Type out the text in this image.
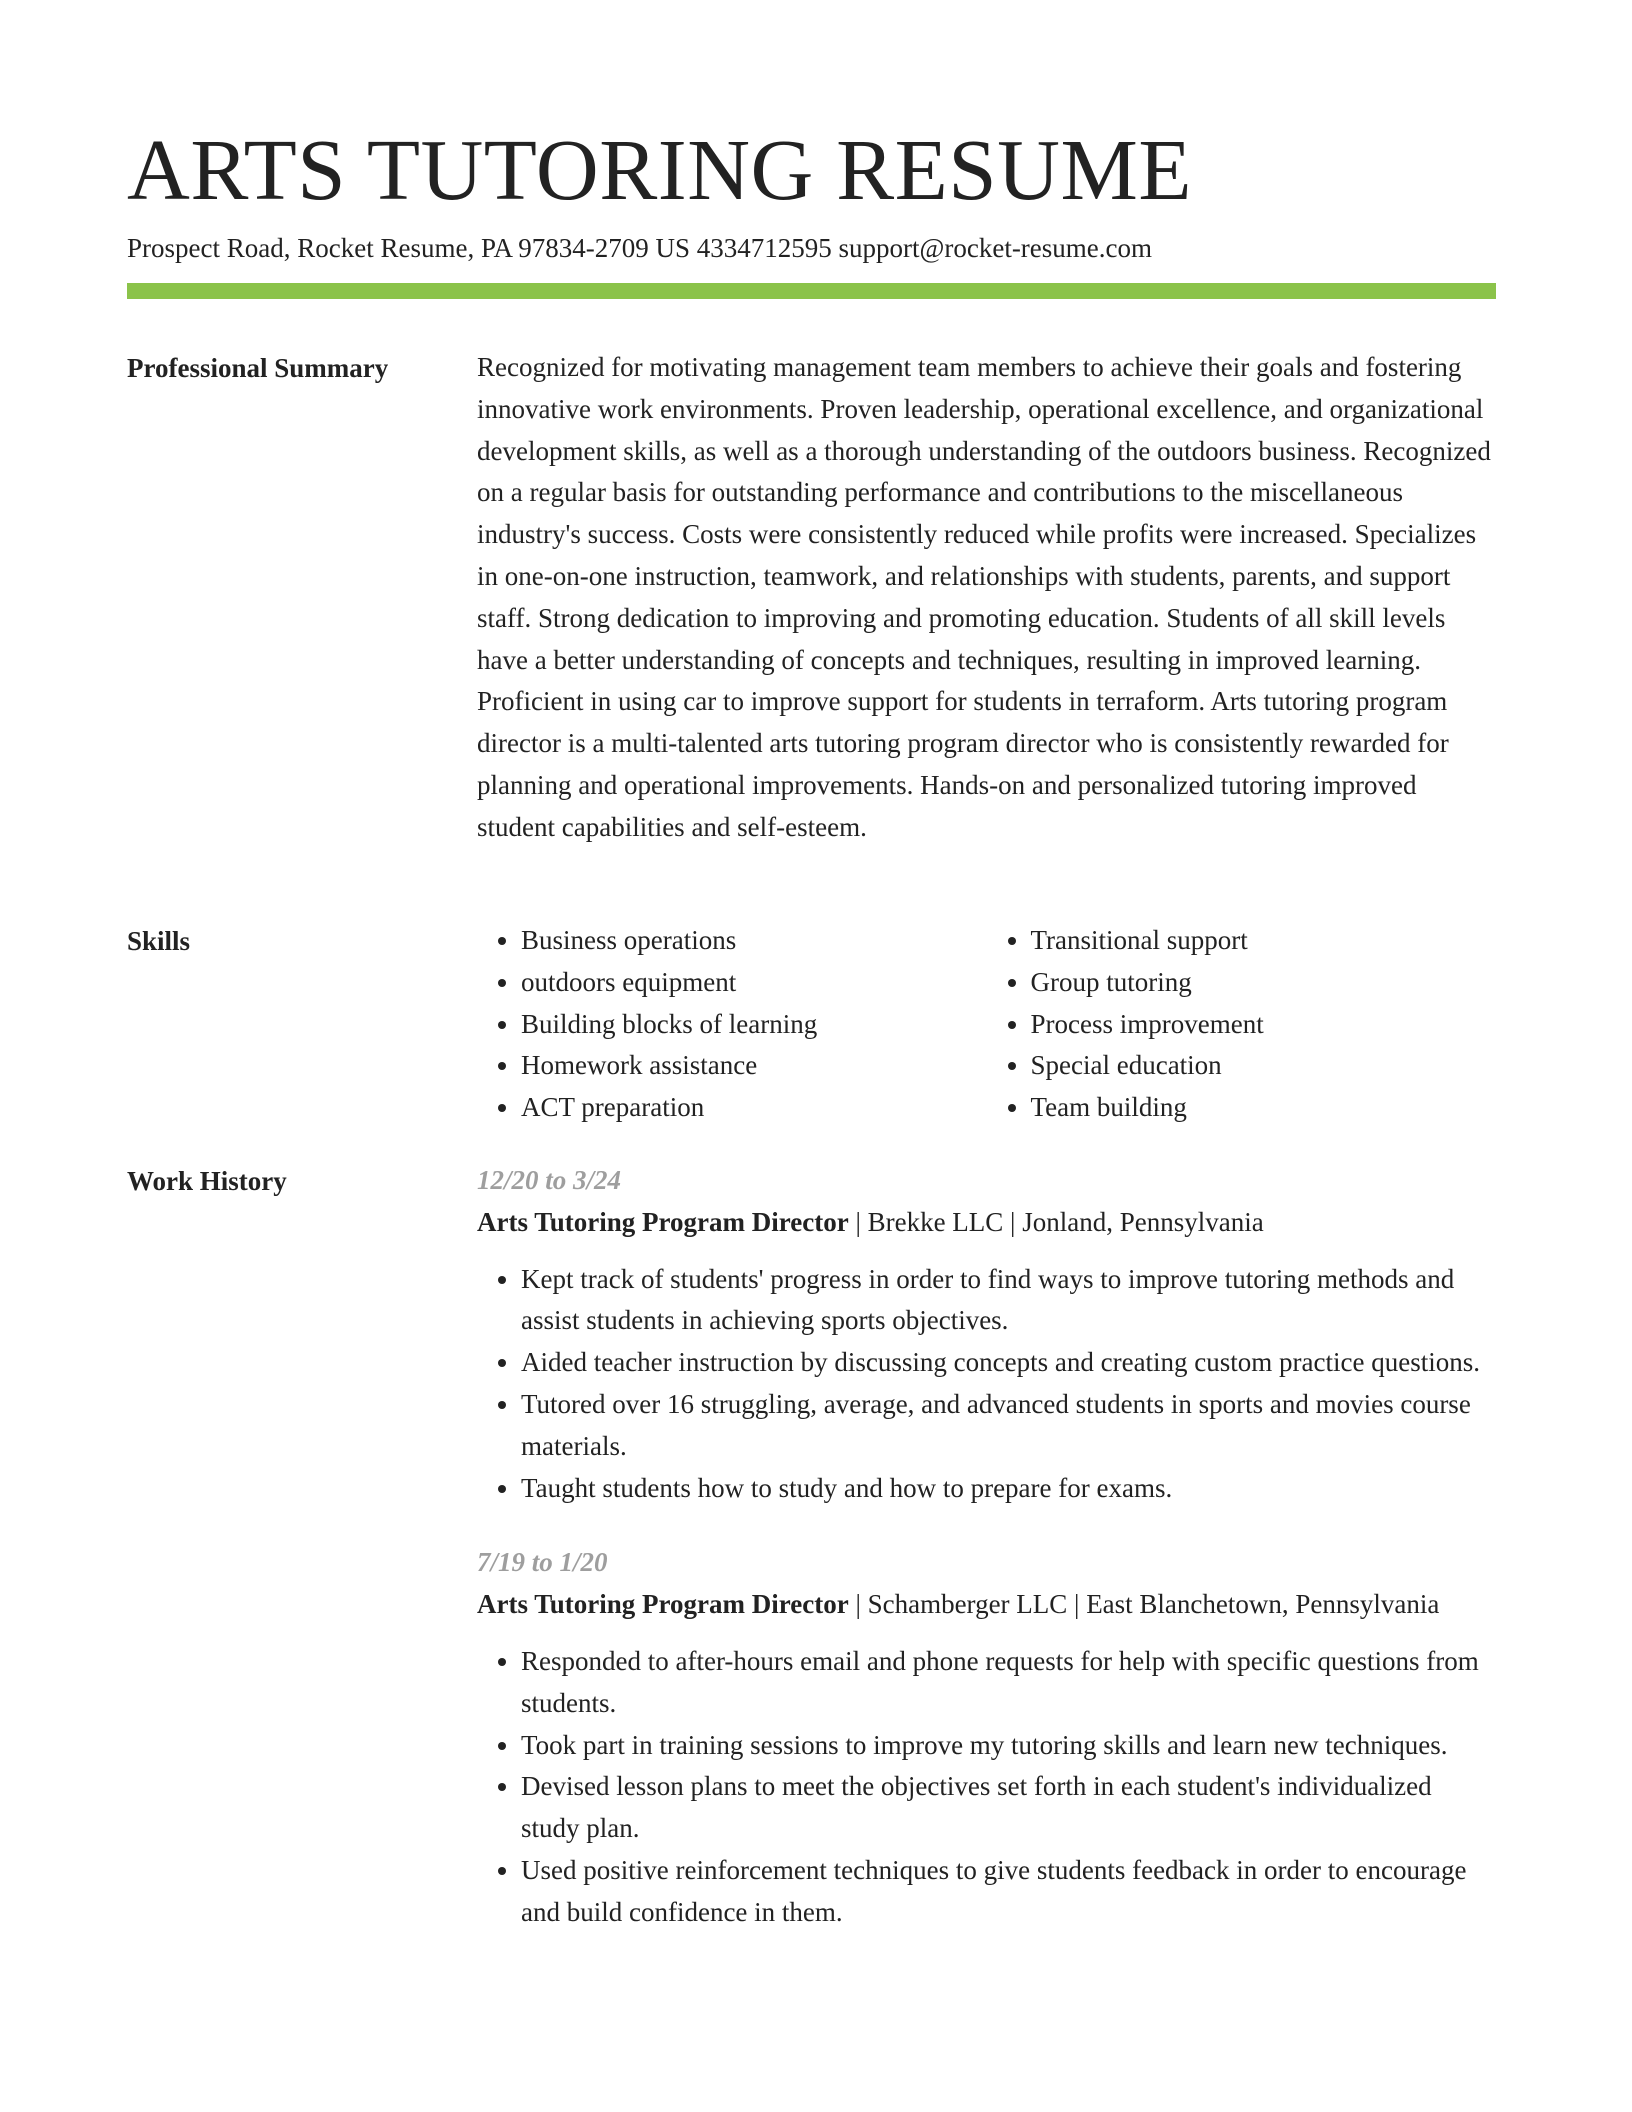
ARTS TUTORING RESUME
Prospect Road, Rocket Resume, PA 97834-2709 US 4334712595 support@rocket-resume.com
Professional Summary	Recognized for motivating management team members to achieve their goals and fostering innovative work environments. Proven leadership, operational excellence, and organizational development skills, as well as a thorough understanding of the outdoors business. Recognized on a regular basis for outstanding performance and contributions to the miscellaneous industry's success. Costs were consistently reduced while profits were increased. Specializes in one-on-one instruction, teamwork, and relationships with students, parents, and support staff. Strong dedication to improving and promoting education. Students of all skill levels have a better understanding of concepts and techniques, resulting in improved learning. Proficient in using car to improve support for students in terraform. Arts tutoring program director is a multi-talented arts tutoring program director who is consistently rewarded for planning and operational improvements. Hands-on and personalized tutoring improved student capabilities and self-esteem.

Skills
•	Business operations
• outdoors equipment
• Building blocks of learning
• Homework assistance
• ACT preparation
• Transitional support
• Group tutoring
• Process improvement
• Special education
• Team building
Work History	12/20 to 3/24
Arts Tutoring Program Director | Brekke LLC | Jonland, Pennsylvania
• Kept track of students' progress in order to find ways to improve tutoring methods and assist students in achieving sports objectives.
• Aided teacher instruction by discussing concepts and creating custom practice questions.
• Tutored over 16 struggling, average, and advanced students in sports and movies course materials.
• Taught students how to study and how to prepare for exams.
7/19 to 1/20
Arts Tutoring Program Director | Schamberger LLC | East Blanchetown, Pennsylvania
• Responded to after-hours email and phone requests for help with specific questions from students.
• Took part in training sessions to improve my tutoring skills and learn new techniques.
• Devised lesson plans to meet the objectives set forth in each student's individualized study plan.
• Used positive reinforcement techniques to give students feedback in order to encourage and build confidence in them.
